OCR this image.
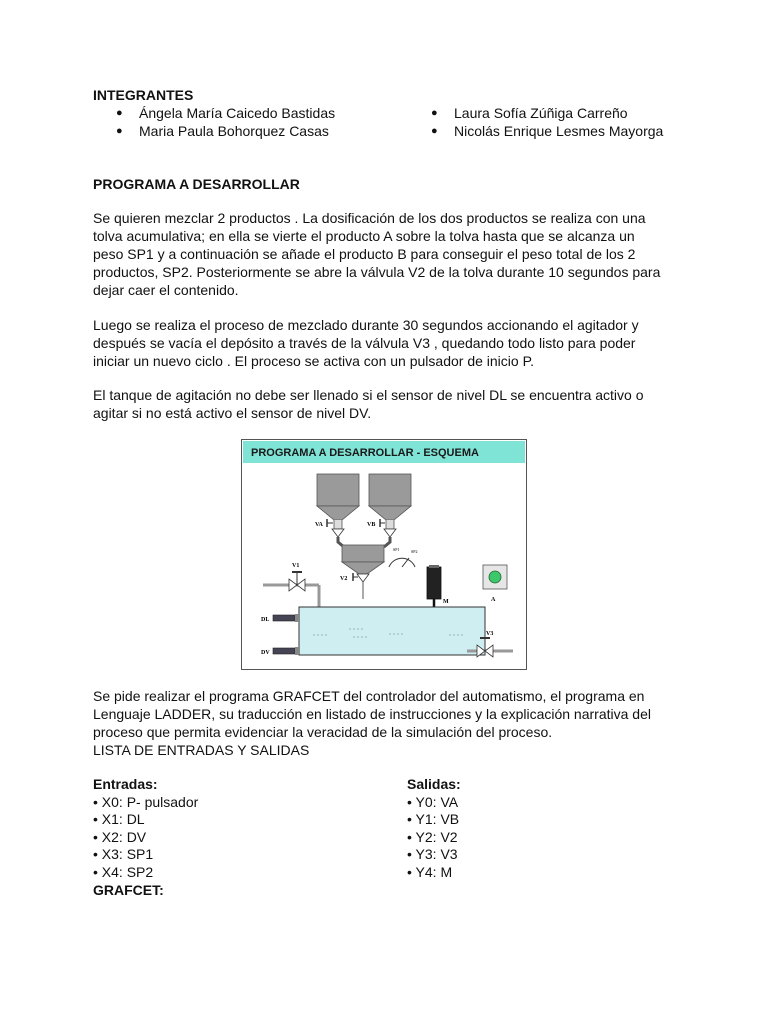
INTEGRANTES
● Ángela María Caicedo Bastidas
● Maria Paula Bohorquez Casas
● Laura Sofía Zúñiga Carreño
● Nicolás Enrique Lesmes Mayorga
PROGRAMA A DESARROLLAR
Se quieren mezclar 2 productos . La dosificación de los dos productos se realiza con una
tolva acumulativa; en ella se vierte el producto A sobre la tolva hasta que se alcanza un
peso SP1 y a continuación se añade el producto B para conseguir el peso total de los 2
productos, SP2. Posteriormente se abre la válvula V2 de la tolva durante 10 segundos para
dejar caer el contenido.
Luego se realiza el proceso de mezclado durante 30 segundos accionando el agitador y
después se vacía el depósito a través de la válvula V3 , quedando todo listo para poder
iniciar un nuevo ciclo . El proceso se activa con un pulsador de inicio P.
El tanque de agitación no debe ser llenado si el sensor de nivel DL se encuentra activo o
agitar si no está activo el sensor de nivel DV.
PROGRAMA A DESARROLLAR - ESQUEMA
VA	VB
V2
SP1	SP2
V1
M	A
DL
DV
V3
Se pide realizar el programa GRAFCET del controlador del automatismo, el programa en
Lenguaje LADDER, su traducción en listado de instrucciones y la explicación narrativa del
proceso que permita evidenciar la veracidad de la simulación del proceso.
LISTA DE ENTRADAS Y SALIDAS
Entradas:
• X0: P- pulsador
• X1: DL
• X2: DV
• X3: SP1
• X4: SP2
GRAFCET:
Salidas:
• Y0: VA
• Y1: VB
• Y2: V2
• Y3: V3
• Y4: M
